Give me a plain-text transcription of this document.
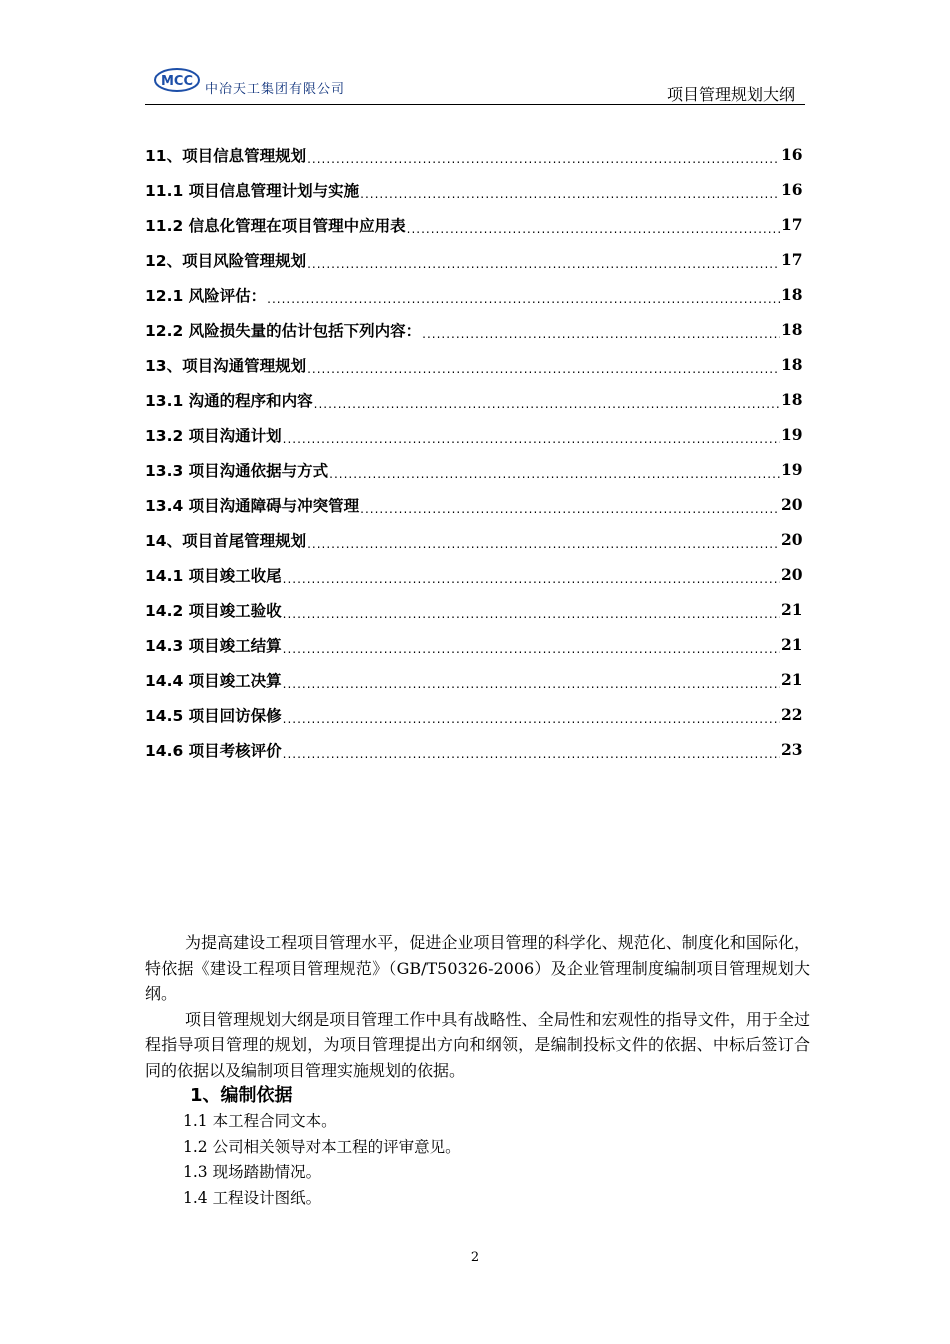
MCC
中冶天工集团有限公司	项目管理规划大纲
11、项目信息管理规划 .....	16
11.1 项目信息管理计划与实施 .....	16
11.2 信息化管理在项目管理中应用表 .....	17
12、项目风险管理规划 .....	17
12.1 风险评估： .....	18
12.2 风险损失量的估计包括下列内容： .....	18
13、项目沟通管理规划 .....	18
13.1 沟通的程序和内容 .....	18
13.2 项目沟通计划 .....	19
13.3 项目沟通依据与方式 .....	19
13.4 项目沟通障碍与冲突管理 .....	20
14、项目首尾管理规划 .....	20
14.1 项目竣工收尾 .....	20
14.2 项目竣工验收 .....	21
14.3 项目竣工结算 .....	21
14.4 项目竣工决算 .....	21
14.5 项目回访保修 .....	22
14.6 项目考核评价 .....	23

为提高建设工程项目管理水平，促进企业项目管理的科学化、规范化、制度化和国际化，特依据《建设工程项目管理规范》（GB/T50326-2006）及企业管理制度编制项目管理规划大纲。

项目管理规划大纲是项目管理工作中具有战略性、全局性和宏观性的指导文件，用于全过程指导项目管理的规划，为项目管理提出方向和纲领，是编制投标文件的依据、中标后签订合同的依据以及编制项目管理实施规划的依据。

1、编制依据

1.1 本工程合同文本。

1.2 公司相关领导对本工程的评审意见。

1.3 现场踏勘情况。

1.4 工程设计图纸。

2
